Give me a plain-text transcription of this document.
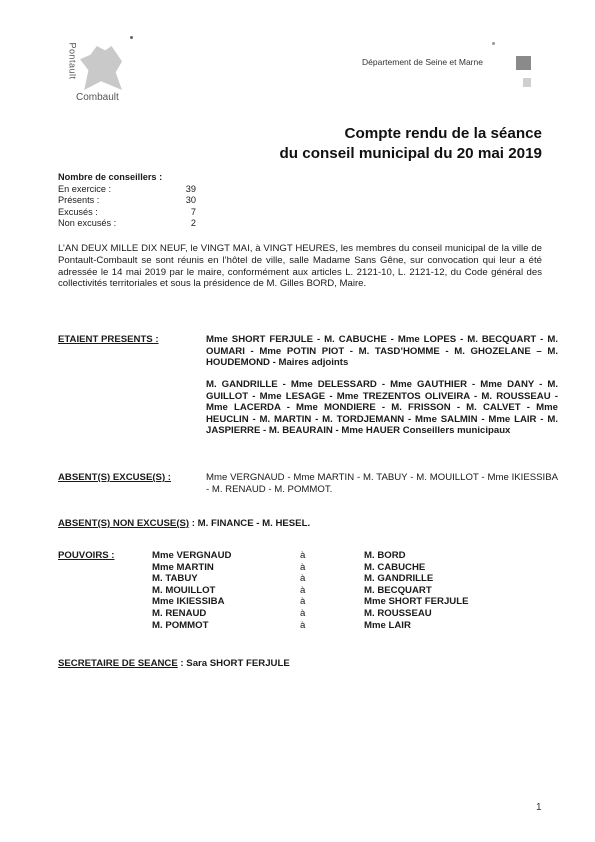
Pontault
Combault
Département de Seine et Marne
Compte rendu de la séance
du conseil municipal du 20 mai 2019
Nombre de conseillers :
En exercice :	39
Présents :	30
Excusés :	7
Non excusés :	2
L’AN DEUX MILLE DIX NEUF, le VINGT MAI, à VINGT HEURES, les membres du conseil municipal de la ville de Pontault-Combault se sont réunis en l’hôtel de ville, salle Madame Sans Gêne, sur convocation qui leur a été adressée le 14 mai 2019 par le maire, conformément aux articles L. 2121-10, L. 2121-12, du Code général des collectivités territoriales et sous la présidence de M. Gilles BORD, Maire.
ETAIENT PRESENTS :	Mme SHORT FERJULE - M. CABUCHE - Mme LOPES - M. BECQUART - M. OUMARI - Mme POTIN PIOT - M. TASD’HOMME - M. GHOZELANE – M. HOUDEMOND - Maires adjoints
M. GANDRILLE - Mme DELESSARD - Mme GAUTHIER - Mme DANY - M. GUILLOT - Mme LESAGE - Mme TREZENTOS OLIVEIRA - M. ROUSSEAU - Mme LACERDA - Mme MONDIERE - M. FRISSON - M. CALVET - Mme HEUCLIN - M. MARTIN - M. TORDJEMANN - Mme SALMIN - Mme LAIR - M. JASPIERRE - M. BEAURAIN - Mme HAUER Conseillers municipaux
ABSENT(S) EXCUSE(S) :	Mme VERGNAUD - Mme MARTIN - M. TABUY - M. MOUILLOT - Mme IKIESSIBA - M. RENAUD - M. POMMOT.
ABSENT(S) NON EXCUSE(S) : M. FINANCE - M. HESEL.
POUVOIRS :	Mme VERGNAUD	à	M. BORD
Mme MARTIN	à	M. CABUCHE
M. TABUY	à	M. GANDRILLE
M. MOUILLOT	à	M. BECQUART
Mme IKIESSIBA	à	Mme SHORT FERJULE
M. RENAUD	à	M. ROUSSEAU
M. POMMOT	à	Mme LAIR
SECRETAIRE DE SEANCE : Sara SHORT FERJULE
1
